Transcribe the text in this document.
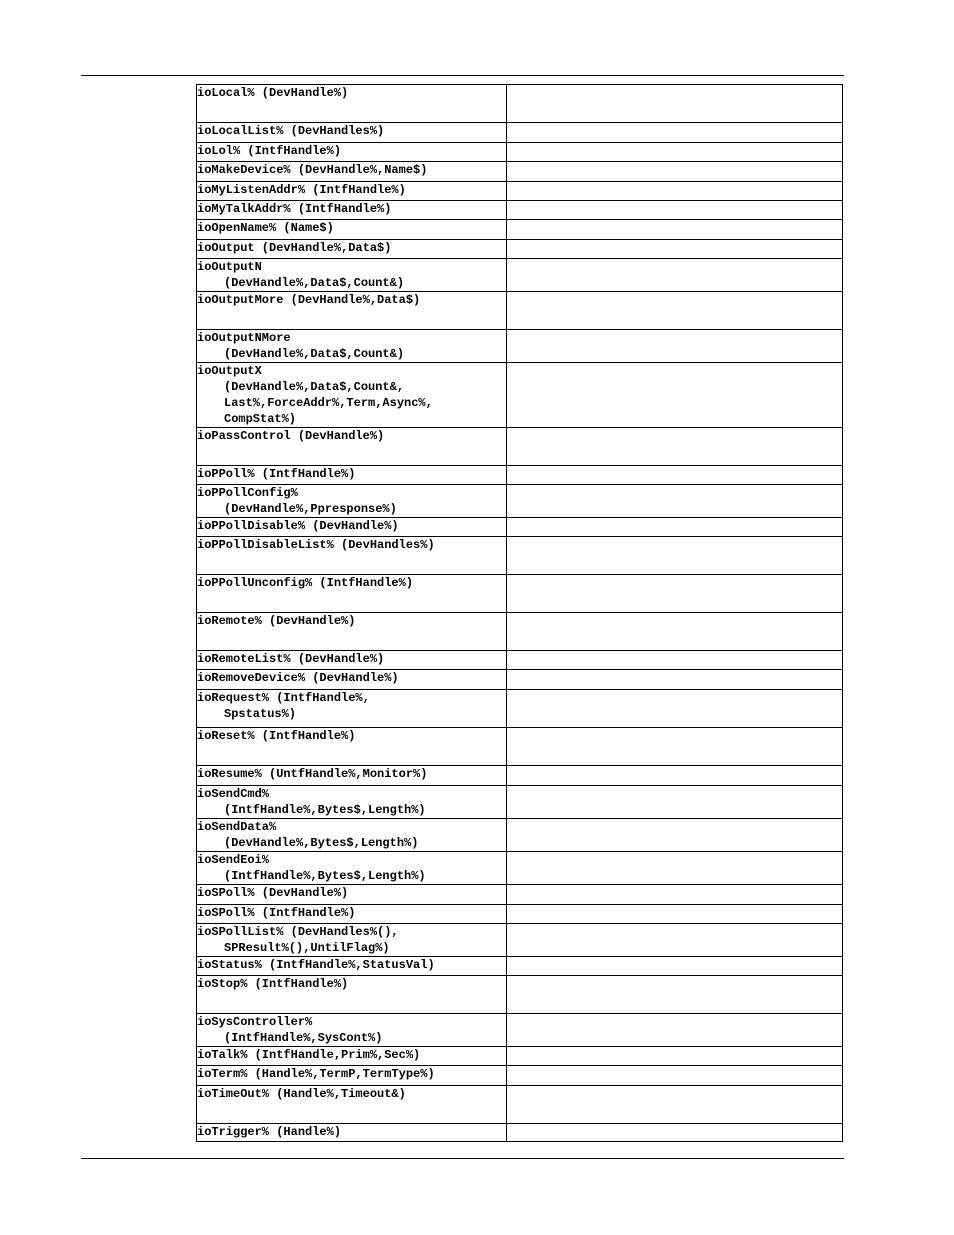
ioLocal% (DevHandle%)	

ioLocalList% (DevHandles%)	

ioLol% (IntfHandle%)	

ioMakeDevice% (DevHandle%,Name$)	

ioMyListenAddr% (IntfHandle%)	

ioMyTalkAddr% (IntfHandle%)	

ioOpenName% (Name$)	

ioOutput (DevHandle%,Data$)	

ioOutputN
(DevHandle%,Data$,Count&)	

ioOutputMore (DevHandle%,Data$)	

ioOutputNMore
(DevHandle%,Data$,Count&)	

ioOutputX
(DevHandle%,Data$,Count&,
Last%,ForceAddr%,Term,Async%,
CompStat%)	

ioPassControl (DevHandle%)	

ioPPoll% (IntfHandle%)	

ioPPollConfig%
(DevHandle%,Ppresponse%)	

ioPPollDisable% (DevHandle%)	

ioPPollDisableList% (DevHandles%)	

ioPPollUnconfig% (IntfHandle%)	

ioRemote% (DevHandle%)	

ioRemoteList% (DevHandle%)	

ioRemoveDevice% (DevHandle%)	

ioRequest% (IntfHandle%,
Spstatus%)	

ioReset% (IntfHandle%)	

ioResume% (UntfHandle%,Monitor%)	

ioSendCmd%
(IntfHandle%,Bytes$,Length%)	

ioSendData%
(DevHandle%,Bytes$,Length%)	

ioSendEoi%
(IntfHandle%,Bytes$,Length%)	

ioSPoll% (DevHandle%)	

ioSPoll% (IntfHandle%)	

ioSPollList% (DevHandles%(),
SPResult%(),UntilFlag%)	

ioStatus% (IntfHandle%,StatusVal)	

ioStop% (IntfHandle%)	

ioSysController%
(IntfHandle%,SysCont%)	

ioTalk% (IntfHandle,Prim%,Sec%)	

ioTerm% (Handle%,TermP,TermType%)	

ioTimeOut% (Handle%,Timeout&)	

ioTrigger% (Handle%)	
